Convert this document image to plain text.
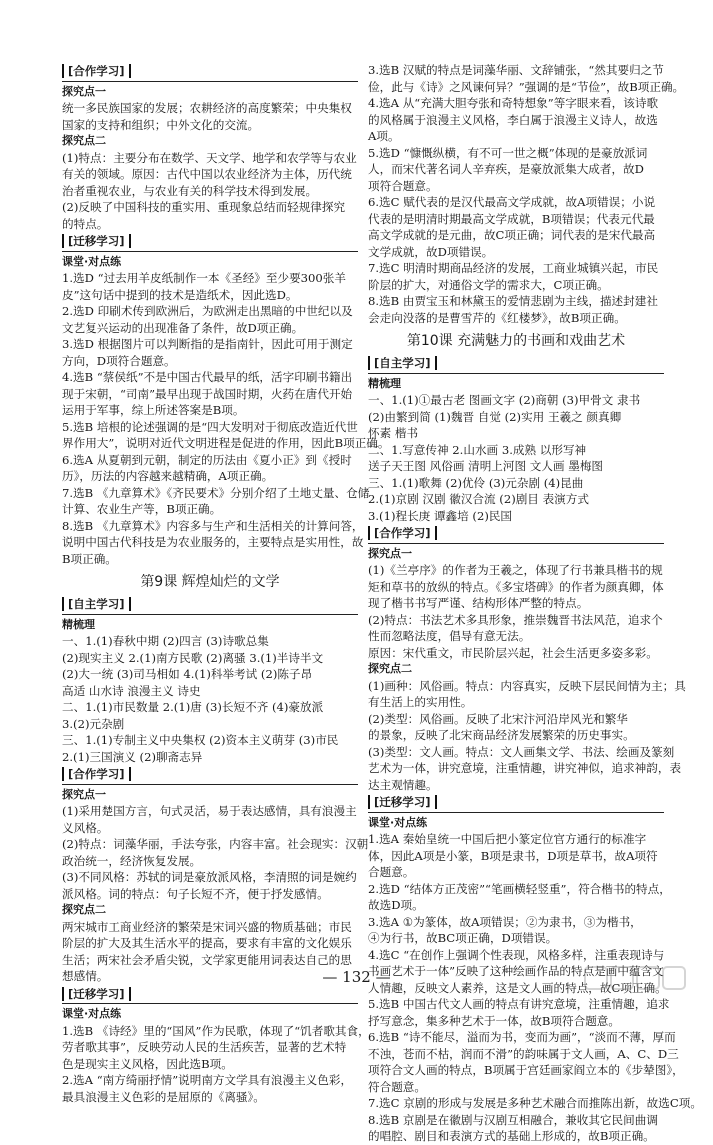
[合作学习]
探究点一
统一多民族国家的发展；农耕经济的高度繁荣；中央集权
国家的支持和组织；中外文化的交流。
探究点二
(1)特点：主要分布在数学、天文学、地学和农学等与农业
有关的领域。原因：古代中国以农业经济为主体，历代统
治者重视农业，与农业有关的科学技术得到发展。
(2)反映了中国科技的重实用、重现象总结而轻规律探究
的特点。
[迁移学习]
课堂·对点练
1.选D “过去用羊皮纸制作一本《圣经》至少要300张羊
皮”这句话中提到的技术是造纸术，因此选D。
2.选D 印刷术传到欧洲后，为欧洲走出黑暗的中世纪以及
文艺复兴运动的出现准备了条件，故D项正确。
3.选D 根据图片可以判断指的是指南针，因此可用于测定
方向，D项符合题意。
4.选B “蔡侯纸”不是中国古代最早的纸，活字印刷书籍出
现于宋朝，“司南”最早出现于战国时期，火药在唐代开始
运用于军事，综上所述答案是B项。
5.选B 培根的论述强调的是“四大发明对于彻底改造近代世
界作用大”，说明对近代文明进程是促进的作用，因此B项正确。
6.选A 从夏朝到元朝，制定的历法由《夏小正》到《授时
历》，历法的内容越来越精确，A项正确。
7.选B 《九章算术》《齐民要术》分别介绍了土地丈量、仓储
计算、农业生产等，B项正确。
8.选B 《九章算术》内容多与生产和生活相关的计算问答，
说明中国古代科技是为农业服务的，主要特点是实用性，故
B项正确。
第9课 辉煌灿烂的文学
[自主学习]
精梳理
一、1.(1)春秋中期 (2)四言 (3)诗歌总集
(2)现实主义 2.(1)南方民歌 (2)离骚 3.(1)半诗半文
(2)大一统 (3)司马相如 4.(1)科举考试 (2)陈子昂
高适 山水诗 浪漫主义 诗史
二、1.(1)市民数量 2.(1)唐 (3)长短不齐 (4)豪放派
3.(2)元杂剧
三、1.(1)专制主义中央集权 (2)资本主义萌芽 (3)市民
2.(1)三国演义 (2)聊斋志异
[合作学习]
探究点一
(1)采用楚国方言，句式灵活，易于表达感情，具有浪漫主
义风格。
(2)特点：词藻华丽，手法夸张，内容丰富。社会现实：汉朝
政治统一，经济恢复发展。
(3)不同风格：苏轼的词是豪放派风格，李清照的词是婉约
派风格。词的特点：句子长短不齐，便于抒发感情。
探究点二
两宋城市工商业经济的繁荣是宋词兴盛的物质基础；市民
阶层的扩大及其生活水平的提高，要求有丰富的文化娱乐
生活；两宋社会矛盾尖锐，文学家更能用词表达自己的思
想感情。
[迁移学习]
课堂·对点练
1.选B 《诗经》里的“国风”作为民歌，体现了“饥者歌其食，
劳者歌其事”，反映劳动人民的生活疾苦，显著的艺术特
色是现实主义风格，因此选B项。
2.选A “南方绮丽抒情”说明南方文学具有浪漫主义色彩，
最具浪漫主义色彩的是屈原的《离骚》。
3.选B 汉赋的特点是词藻华丽、文辞铺张，“然其要归之节
俭，此与《诗》之风谏何异？”强调的是“节俭”，故B项正确。
4.选A 从“充满大胆夸张和奇特想象”等字眼来看，该诗歌
的风格属于浪漫主义风格，李白属于浪漫主义诗人，故选
A项。
5.选D “慷慨纵横，有不可一世之概”体现的是豪放派词
人，而宋代著名词人辛弃疾，是豪放派集大成者，故D
项符合题意。
6.选C 赋代表的是汉代最高文学成就，故A项错误；小说
代表的是明清时期最高文学成就，B项错误；代表元代最
高文学成就的是元曲，故C项正确；词代表的是宋代最高
文学成就，故D项错误。
7.选C 明清时期商品经济的发展，工商业城镇兴起，市民
阶层的扩大，对通俗文学的需求大，C项正确。
8.选B 由贾宝玉和林黛玉的爱情悲剧为主线，描述封建社
会走向没落的是曹雪芹的《红楼梦》，故B项正确。
第10课 充满魅力的书画和戏曲艺术
[自主学习]
精梳理
一、1.(1)①最古老 图画文字 (2)商朝 (3)甲骨文 隶书
(2)由繁到简 (1)魏晋 自觉 (2)实用 王羲之 颜真卿
怀素 楷书
二、1.写意传神 2.山水画 3.成熟 以形写神
送子天王图 风俗画 清明上河图 文人画 墨梅图
三、1.(1)歌舞 (2)优伶 (3)元杂剧 (4)昆曲
2.(1)京剧 汉剧 徽汉合流 (2)剧目 表演方式
3.(1)程长庚 谭鑫培 (2)民国
[合作学习]
探究点一
(1)《兰亭序》的作者为王羲之，体现了行书兼具楷书的规
矩和草书的放纵的特点。《多宝塔碑》的作者为颜真卿，体
现了楷书书写严谨、结构形体严整的特点。
(2)特点：书法艺术多具形象，推崇魏晋书法风范，追求个
性而忽略法度，倡导有意无法。
原因：宋代重文，市民阶层兴起，社会生活更多姿多彩。
探究点二
(1)画种：风俗画。特点：内容真实，反映下层民间情为主；具
有生活上的实用性。
(2)类型：风俗画。反映了北宋汴河沿岸风光和繁华
的景象，反映了北宋商品经济发展繁荣的历史事实。
(3)类型：文人画。特点：文人画集文学、书法、绘画及篆刻
艺术为一体，讲究意境，注重情趣，讲究神似，追求神韵，表
达主观情趣。
[迁移学习]
课堂·对点练
1.选A 秦始皇统一中国后把小篆定位官方通行的标准字
体，因此A项是小篆，B项是隶书，D项是草书，故A项符
合题意。
2.选D “结体方正茂密”“笔画横轻竖重”，符合楷书的特点，
故选D项。
3.选A ①为篆体，故A项错误；②为隶书，③为楷书，
④为行书，故BC项正确，D项错误。
4.选C “在创作上强调个性表现，风格多样，注重表现诗与
书画艺术于一体”反映了这种绘画作品的特点是画中蕴含文
人情趣，反映文人素养，这是文人画的特点，故C项正确。
5.选B 中国古代文人画的特点有讲究意境，注重情趣，追求
抒写意念，集多种艺术于一体，故B项符合题意。
6.选B “诗不能尽，溢而为书，变而为画”，“淡而不薄，厚而
不浊，苍而不枯，润而不滑”的韵味属于文人画，A、C、D三
项符合文人画的特点，B项属于宫廷画家阎立本的《步辇图》，
符合题意。
7.选C 京剧的形成与发展是多种艺术融合而推陈出新，故选C项。
8.选B 京剧是在徽剧与汉剧互相融合，兼收其它民间曲调
的唱腔、剧目和表演方式的基础上形成的，故B项正确。
— 132 —
